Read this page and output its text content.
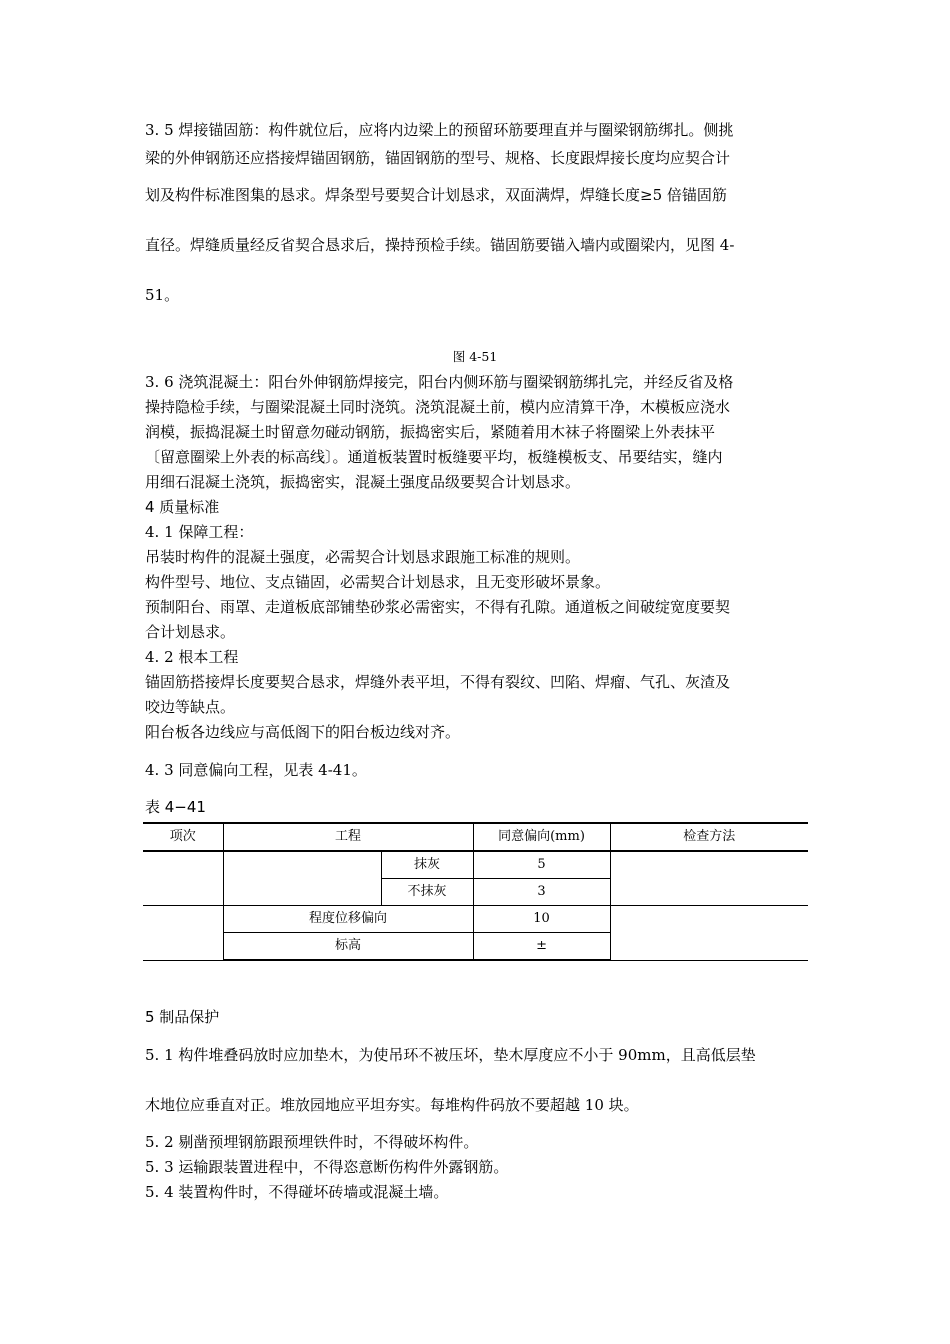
3. 5 焊接锚固筋：构件就位后，应将内边梁上的预留环筋要理直并与圈梁钢筋绑扎。侧挑
梁的外伸钢筋还应搭接焊锚固钢筋，锚固钢筋的型号、规格、长度跟焊接长度均应契合计
划及构件标准图集的恳求。焊条型号要契合计划恳求，双面满焊，焊缝长度≥5 倍锚固筋
直径。焊缝质量经反省契合恳求后，操持预检手续。锚固筋要锚入墙内或圈梁内，见图 4-
51。
图 4-51
3. 6 浇筑混凝土：阳台外伸钢筋焊接完，阳台内侧环筋与圈梁钢筋绑扎完，并经反省及格
操持隐检手续，与圈梁混凝土同时浇筑。浇筑混凝土前，模内应清算干净，木模板应浇水
润模，振捣混凝土时留意勿碰动钢筋，振捣密实后，紧随着用木袜子将圈梁上外表抹平
〔留意圈梁上外表的标高线〕。通道板装置时板缝要平均，板缝模板支、吊要结实，缝内
用细石混凝土浇筑，振捣密实，混凝土强度品级要契合计划恳求。
4 质量标准
4. 1 保障工程：
吊装时构件的混凝土强度，必需契合计划恳求跟施工标准的规则。
构件型号、地位、支点锚固，必需契合计划恳求，且无变形破坏景象。
预制阳台、雨罩、走道板底部铺垫砂浆必需密实，不得有孔隙。通道板之间破绽宽度要契
合计划恳求。
4. 2 根本工程
锚固筋搭接焊长度要契合恳求，焊缝外表平坦，不得有裂纹、凹陷、焊瘤、气孔、灰渣及
咬边等缺点。
阳台板各边线应与高低阁下的阳台板边线对齐。
4. 3 同意偏向工程，见表 4-41。
表 4−41
项次	工程		同意偏向(mm)	检查方法
		抹灰	5	
		不抹灰	3	
	程度位移偏向		10	
	标高		±	
5 制品保护
5. 1 构件堆叠码放时应加垫木，为使吊环不被压坏，垫木厚度应不小于 90mm，且高低层垫
木地位应垂直对正。堆放园地应平坦夯实。每堆构件码放不要超越 10 块。
5. 2 剔凿预埋钢筋跟预埋铁件时，不得破坏构件。
5. 3 运输跟装置进程中，不得恣意断伤构件外露钢筋。
5. 4 装置构件时，不得碰坏砖墙或混凝土墙。
